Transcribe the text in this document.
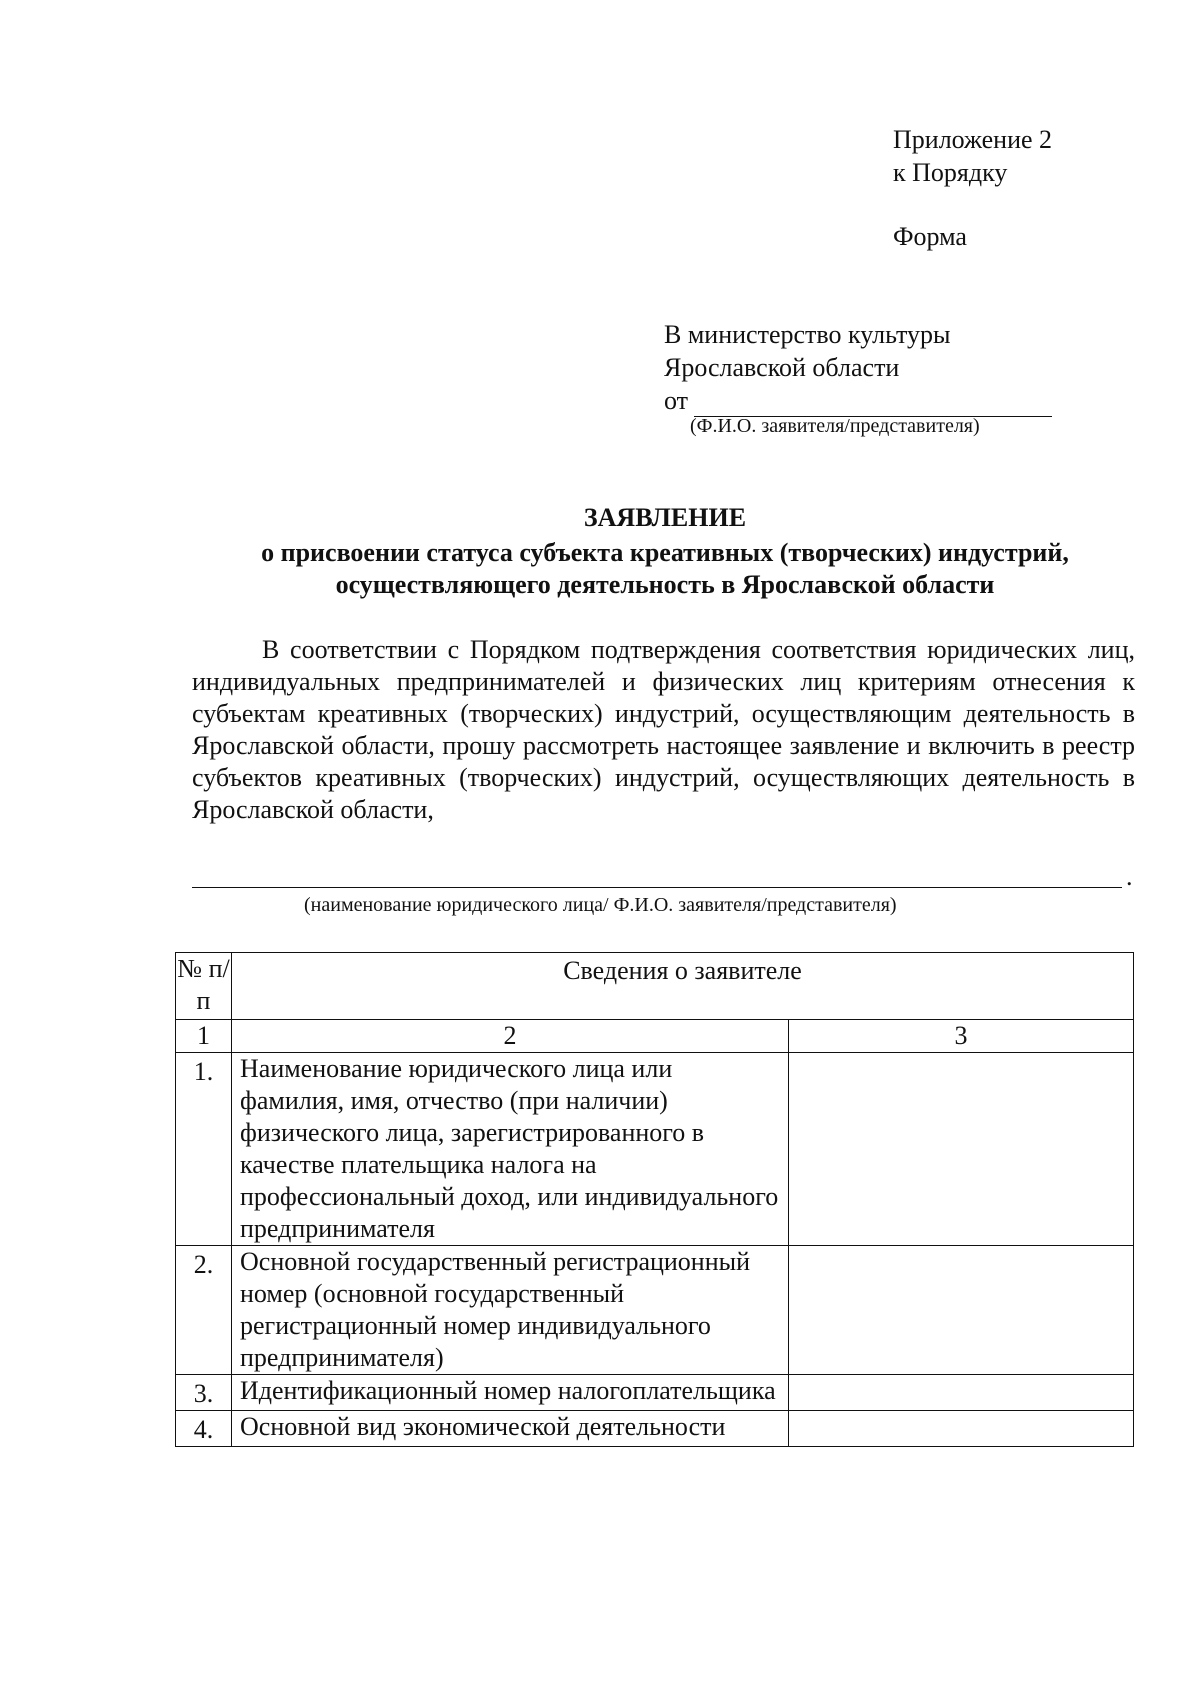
Приложение 2
к Порядку
Форма
В министерство культуры
Ярославской области
от
(Ф.И.О. заявителя/представителя)
ЗАЯВЛЕНИЕ
о присвоении статуса субъекта креативных (творческих) индустрий,
осуществляющего деятельность в Ярославской области

В соответствии с Порядком подтверждения соответствия юридических лиц, индивидуальных предпринимателей и физических лиц критериям отнесения к субъектам креативных (творческих) индустрий, осуществляющим деятельность в Ярославской области, прошу рассмотреть настоящее заявление и включить в реестр субъектов креативных (творческих) индустрий, осуществляющих деятельность в Ярославской области,

.
(наименование юридического лица/ Ф.И.О. заявителя/представителя)
№ п/п	Сведения о заявителе	
1	2	3
1.	Наименование юридического лица или фамилия, имя, отчество (при наличии) физического лица, зарегистрированного в качестве плательщика налога на профессиональный доход, или индивидуального предпринимателя	
2.	Основной государственный регистрационный номер (основной государственный регистрационный номер индивидуального предпринимателя)	
3.	Идентификационный номер налогоплательщика	
4.	Основной вид экономической деятельности	
